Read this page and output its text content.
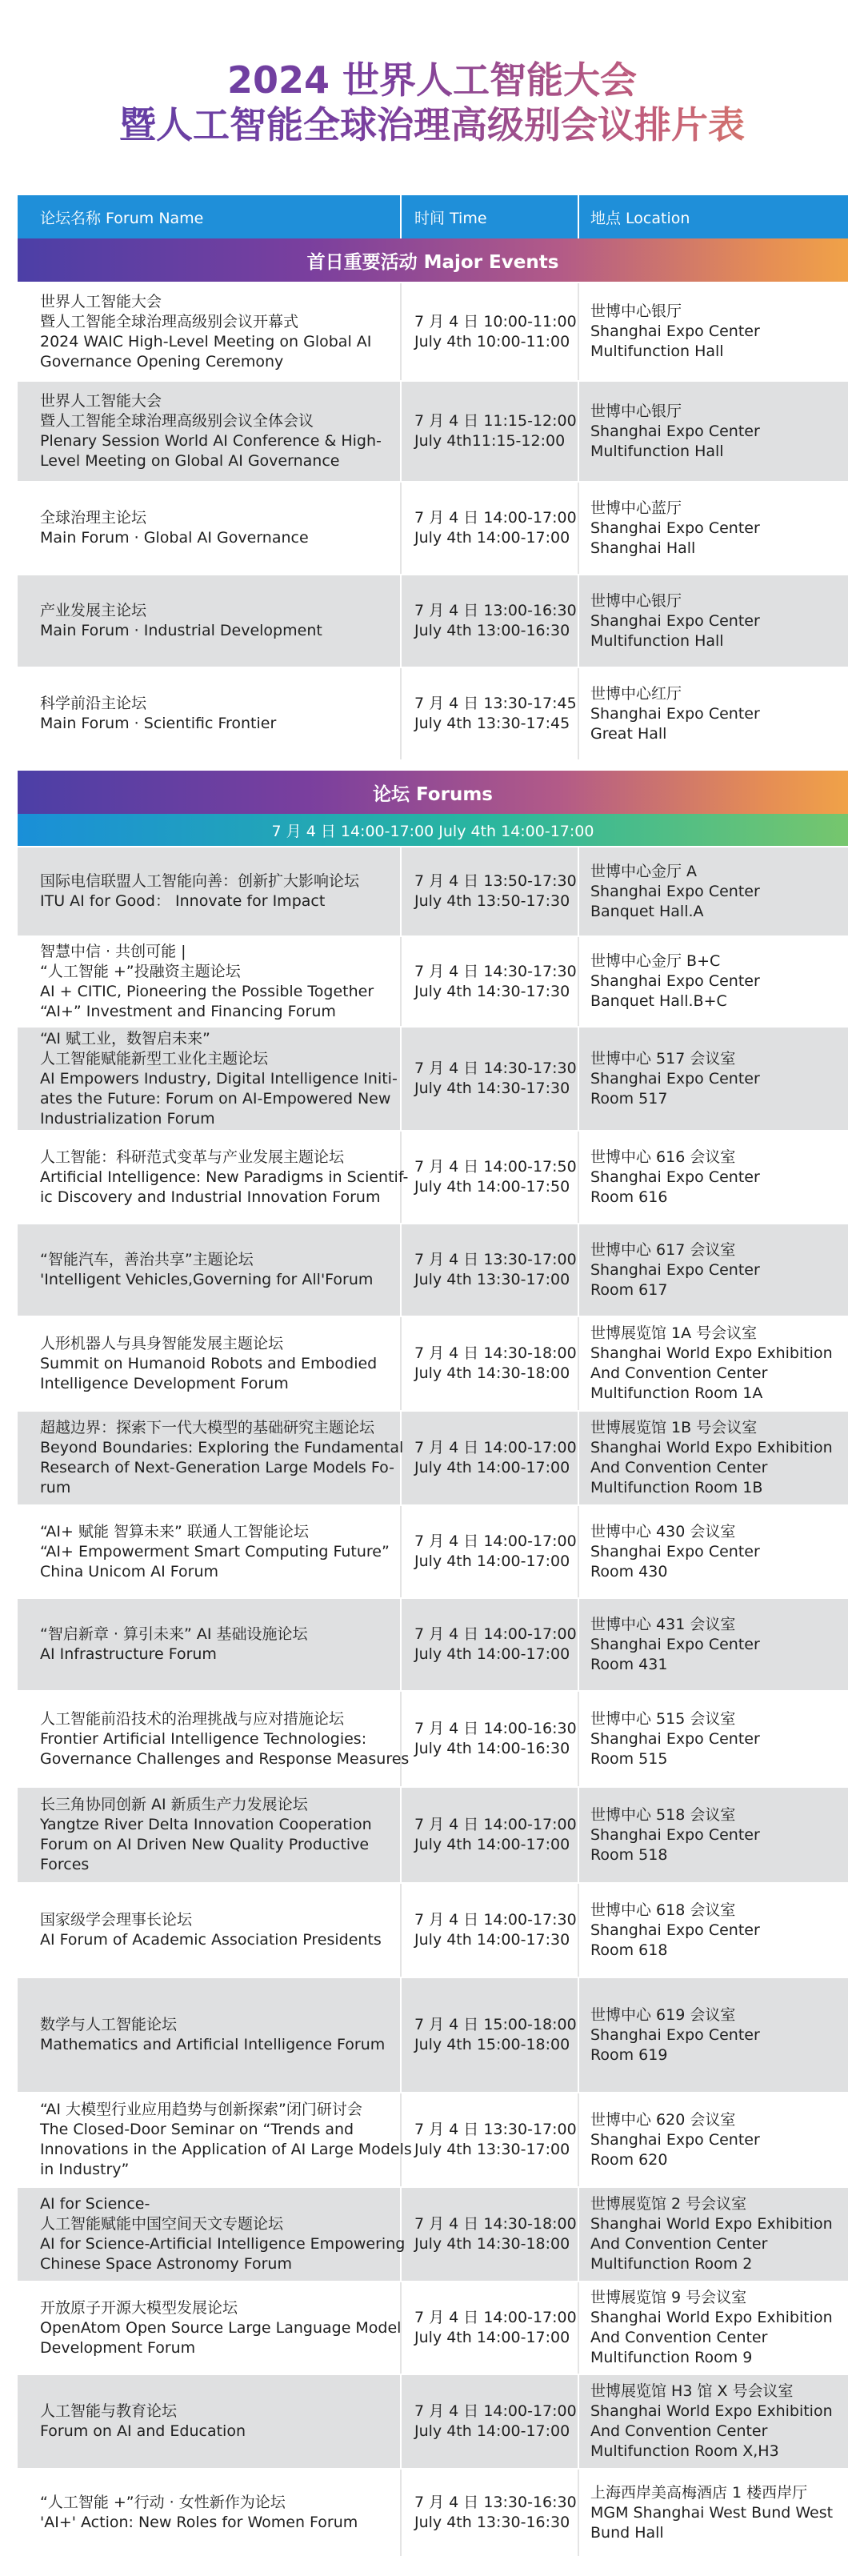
2024 世界人工智能大会
暨人工智能全球治理高级别会议排片表
论坛名称 Forum Name	时间 Time	地点 Location
首日重要活动 Major Events
世界人工智能大会
暨人工智能全球治理高级别会议开幕式
2024 WAIC High-Level Meeting on Global AI
Governance Opening Ceremony
7 月 4 日 10:00-11:00
July 4th 10:00-11:00
世博中心银厅
Shanghai Expo Center
Multifunction Hall
世界人工智能大会
暨人工智能全球治理高级别会议全体会议
Plenary Session World AI Conference & High-
Level Meeting on Global AI Governance
7 月 4 日 11:15-12:00
July 4th11:15-12:00
世博中心银厅
Shanghai Expo Center
Multifunction Hall
全球治理主论坛
Main Forum · Global AI Governance
7 月 4 日 14:00-17:00
July 4th 14:00-17:00
世博中心蓝厅
Shanghai Expo Center
Shanghai Hall
产业发展主论坛
Main Forum · Industrial Development
7 月 4 日 13:00-16:30
July 4th 13:00-16:30
世博中心银厅
Shanghai Expo Center
Multifunction Hall
科学前沿主论坛
Main Forum · Scientific Frontier
7 月 4 日 13:30-17:45
July 4th 13:30-17:45
世博中心红厅
Shanghai Expo Center
Great Hall
论坛 Forums
7 月 4 日 14:00-17:00 July 4th 14:00-17:00
国际电信联盟人工智能向善：创新扩大影响论坛
ITU AI for Good： Innovate for Impact
7 月 4 日 13:50-17:30
July 4th 13:50-17:30
世博中心金厅 A
Shanghai Expo Center
Banquet Hall.A
智慧中信 · 共创可能 |
“人工智能 +”投融资主题论坛
AI + CITIC, Pioneering the Possible Together
“AI+” Investment and Financing Forum
7 月 4 日 14:30-17:30
July 4th 14:30-17:30
世博中心金厅 B+C
Shanghai Expo Center
Banquet Hall.B+C
“AI 赋工业，数智启未来”
人工智能赋能新型工业化主题论坛
AI Empowers Industry, Digital Intelligence Initi-
ates the Future: Forum on AI-Empowered New
Industrialization Forum
7 月 4 日 14:30-17:30
July 4th 14:30-17:30
世博中心 517 会议室
Shanghai Expo Center
Room 517
人工智能：科研范式变革与产业发展主题论坛
Artificial Intelligence: New Paradigms in Scientif-
ic Discovery and Industrial Innovation Forum
7 月 4 日 14:00-17:50
July 4th 14:00-17:50
世博中心 616 会议室
Shanghai Expo Center
Room 616
“智能汽车，善治共享”主题论坛
'Intelligent Vehicles,Governing for All'Forum
7 月 4 日 13:30-17:00
July 4th 13:30-17:00
世博中心 617 会议室
Shanghai Expo Center
Room 617
人形机器人与具身智能发展主题论坛
Summit on Humanoid Robots and Embodied
Intelligence Development Forum
7 月 4 日 14:30-18:00
July 4th 14:30-18:00
世博展览馆 1A 号会议室
Shanghai World Expo Exhibition
And Convention Center
Multifunction Room 1A
超越边界：探索下一代大模型的基础研究主题论坛
Beyond Boundaries: Exploring the Fundamental
Research of Next-Generation Large Models Fo-
rum
7 月 4 日 14:00-17:00
July 4th 14:00-17:00
世博展览馆 1B 号会议室
Shanghai World Expo Exhibition
And Convention Center
Multifunction Room 1B
“AI+ 赋能 智算未来” 联通人工智能论坛
“AI+ Empowerment Smart Computing Future”
China Unicom AI Forum
7 月 4 日 14:00-17:00
July 4th 14:00-17:00
世博中心 430 会议室
Shanghai Expo Center
Room 430
“智启新章 · 算引未来” AI 基础设施论坛
AI Infrastructure Forum
7 月 4 日 14:00-17:00
July 4th 14:00-17:00
世博中心 431 会议室
Shanghai Expo Center
Room 431
人工智能前沿技术的治理挑战与应对措施论坛
Frontier Artificial Intelligence Technologies:
Governance Challenges and Response Measures
7 月 4 日 14:00-16:30
July 4th 14:00-16:30
世博中心 515 会议室
Shanghai Expo Center
Room 515
长三角协同创新 AI 新质生产力发展论坛
Yangtze River Delta Innovation Cooperation
Forum on AI Driven New Quality Productive
Forces
7 月 4 日 14:00-17:00
July 4th 14:00-17:00
世博中心 518 会议室
Shanghai Expo Center
Room 518
国家级学会理事长论坛
AI Forum of Academic Association Presidents
7 月 4 日 14:00-17:30
July 4th 14:00-17:30
世博中心 618 会议室
Shanghai Expo Center
Room 618
数学与人工智能论坛
Mathematics and Artificial Intelligence Forum
7 月 4 日 15:00-18:00
July 4th 15:00-18:00
世博中心 619 会议室
Shanghai Expo Center
Room 619
“AI 大模型行业应用趋势与创新探索”闭门研讨会
The Closed-Door Seminar on “Trends and
Innovations in the Application of AI Large Models
in Industry”
7 月 4 日 13:30-17:00
July 4th 13:30-17:00
世博中心 620 会议室
Shanghai Expo Center
Room 620
AI for Science-
人工智能赋能中国空间天文专题论坛
AI for Science-Artificial Intelligence Empowering
Chinese Space Astronomy Forum
7 月 4 日 14:30-18:00
July 4th 14:30-18:00
世博展览馆 2 号会议室
Shanghai World Expo Exhibition
And Convention Center
Multifunction Room 2
开放原子开源大模型发展论坛
OpenAtom Open Source Large Language Model
Development Forum
7 月 4 日 14:00-17:00
July 4th 14:00-17:00
世博展览馆 9 号会议室
Shanghai World Expo Exhibition
And Convention Center
Multifunction Room 9
人工智能与教育论坛
Forum on AI and Education
7 月 4 日 14:00-17:00
July 4th 14:00-17:00
世博展览馆 H3 馆 X 号会议室
Shanghai World Expo Exhibition
And Convention Center
Multifunction Room X,H3
“人工智能 +”行动 · 女性新作为论坛
'AI+' Action: New Roles for Women Forum
7 月 4 日 13:30-16:30
July 4th 13:30-16:30
上海西岸美高梅酒店 1 楼西岸厅
MGM Shanghai West Bund West
Bund Hall
